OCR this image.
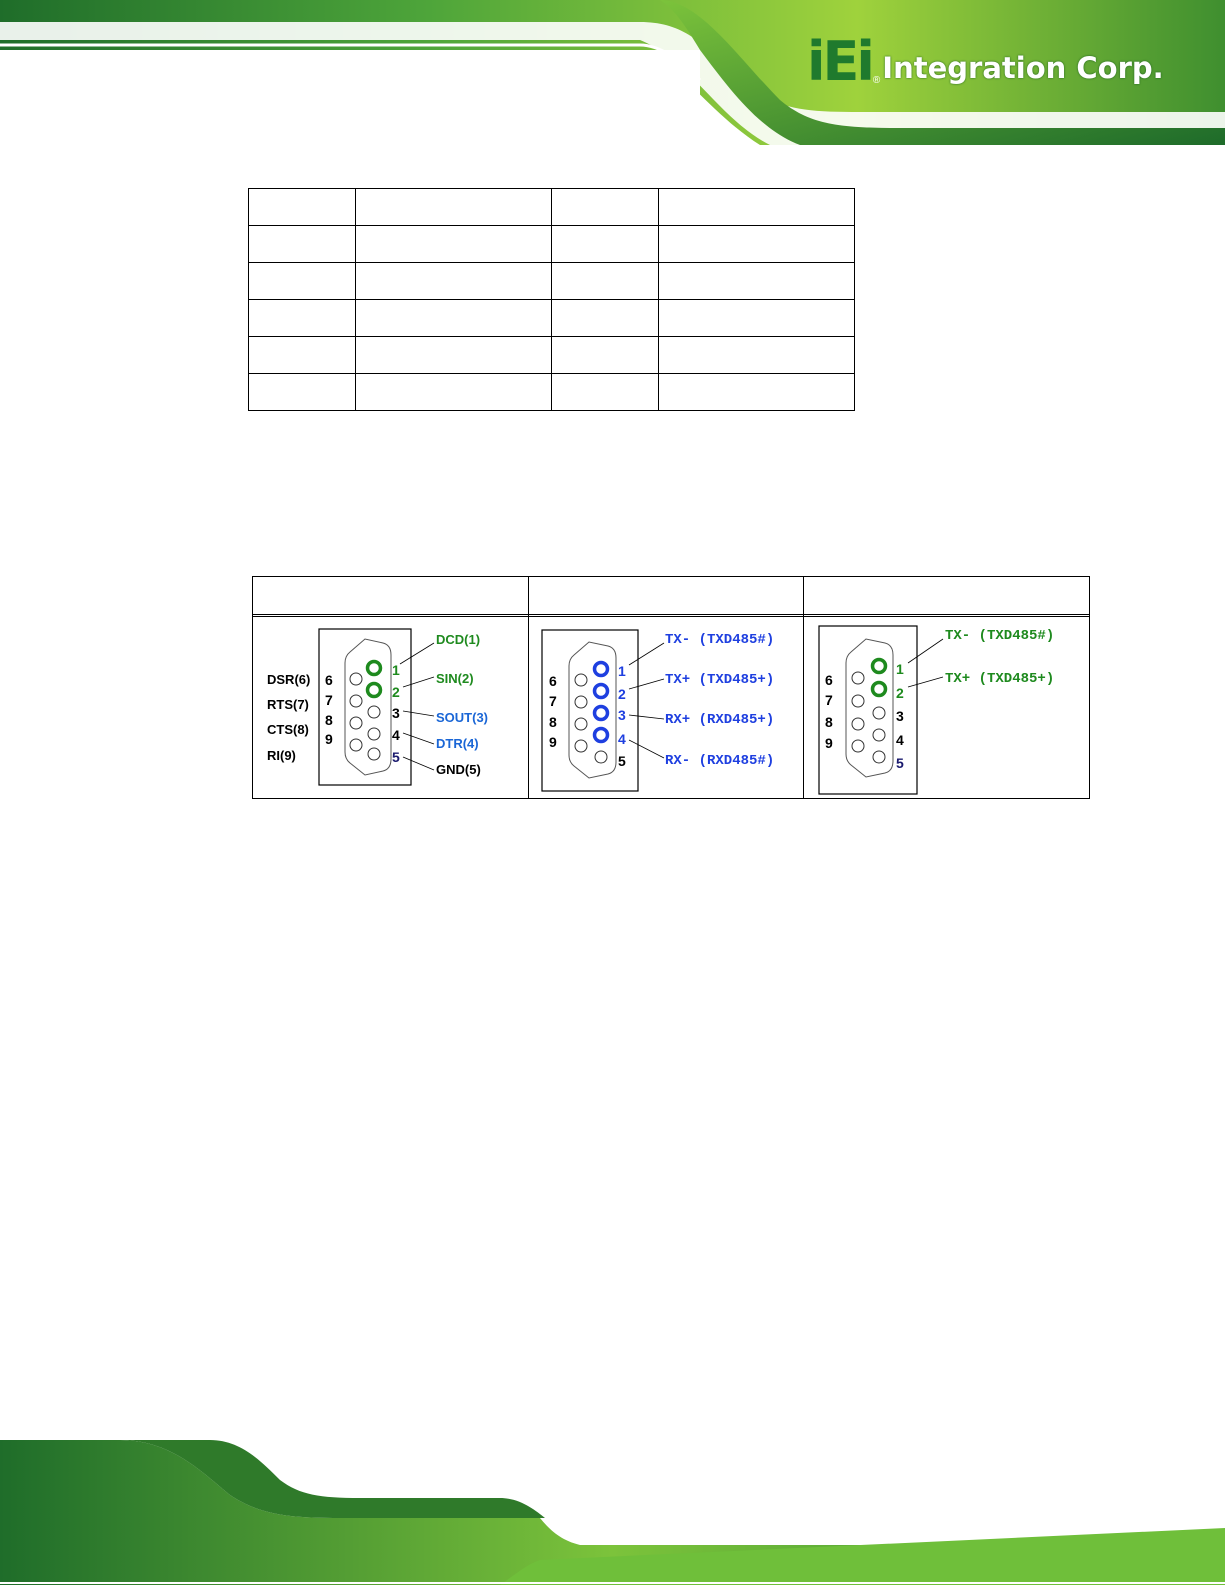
iEi ® Integration Corp.

1
2
3
4
5
6
7
8
9
DSR(6)
RTS(7)
CTS(8)
RI(9)
DCD(1)
SIN(2)
SOUT(3)
DTR(4)
GND(5)
1
2
3
4
5
6
7
8
9
TX- (TXD485#)
TX+ (TXD485+)
RX+ (RXD485+)
RX- (RXD485#)
1
2
3
4
5
6
7
8
9
TX- (TXD485#)
TX+ (TXD485+)
